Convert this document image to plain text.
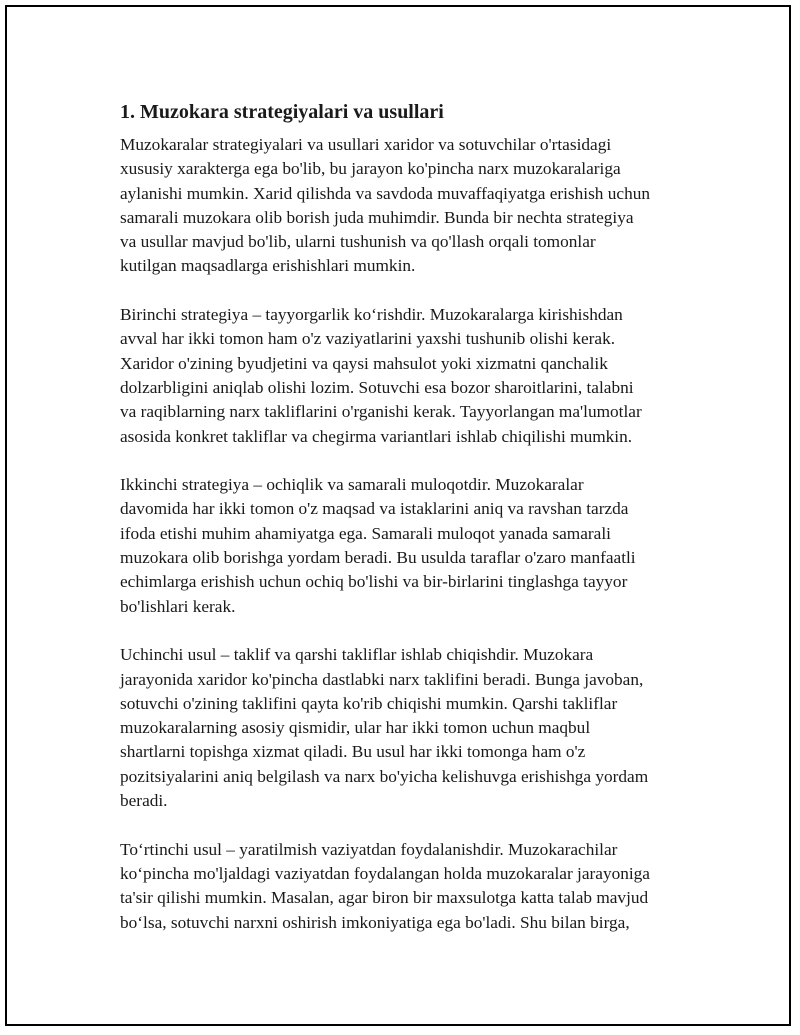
1. Muzokara strategiyalari va usullari
Muzokaralar strategiyalari va usullari xaridor va sotuvchilar o'rtasidagi
xususiy xarakterga ega bo'lib, bu jarayon ko'pincha narx muzokaralariga
aylanishi mumkin. Xarid qilishda va savdoda muvaffaqiyatga erishish uchun
samarali muzokara olib borish juda muhimdir. Bunda bir nechta strategiya
va usullar mavjud bo'lib, ularni tushunish va qo'llash orqali tomonlar
kutilgan maqsadlarga erishishlari mumkin.
Birinchi strategiya – tayyorgarlik ko‘rishdir. Muzokaralarga kirishishdan
avval har ikki tomon ham o'z vaziyatlarini yaxshi tushunib olishi kerak.
Xaridor o'zining byudjetini va qaysi mahsulot yoki xizmatni qanchalik
dolzarbligini aniqlab olishi lozim. Sotuvchi esa bozor sharoitlarini, talabni
va raqiblarning narx takliflarini o'rganishi kerak. Tayyorlangan ma'lumotlar
asosida konkret takliflar va chegirma variantlari ishlab chiqilishi mumkin.
Ikkinchi strategiya – ochiqlik va samarali muloqotdir. Muzokaralar
davomida har ikki tomon o'z maqsad va istaklarini aniq va ravshan tarzda
ifoda etishi muhim ahamiyatga ega. Samarali muloqot yanada samarali
muzokara olib borishga yordam beradi. Bu usulda taraflar o'zaro manfaatli
echimlarga erishish uchun ochiq bo'lishi va bir-birlarini tinglashga tayyor
bo'lishlari kerak.
Uchinchi usul – taklif va qarshi takliflar ishlab chiqishdir. Muzokara
jarayonida xaridor ko'pincha dastlabki narx taklifini beradi. Bunga javoban,
sotuvchi o'zining taklifini qayta ko'rib chiqishi mumkin. Qarshi takliflar
muzokaralarning asosiy qismidir, ular har ikki tomon uchun maqbul
shartlarni topishga xizmat qiladi. Bu usul har ikki tomonga ham o'z
pozitsiyalarini aniq belgilash va narx bo'yicha kelishuvga erishishga yordam
beradi.
To‘rtinchi usul – yaratilmish vaziyatdan foydalanishdir. Muzokarachilar
ko‘pincha mo'ljaldagi vaziyatdan foydalangan holda muzokaralar jarayoniga
ta'sir qilishi mumkin. Masalan, agar biron bir maxsulotga katta talab mavjud
bo‘lsa, sotuvchi narxni oshirish imkoniyatiga ega bo'ladi. Shu bilan birga,
